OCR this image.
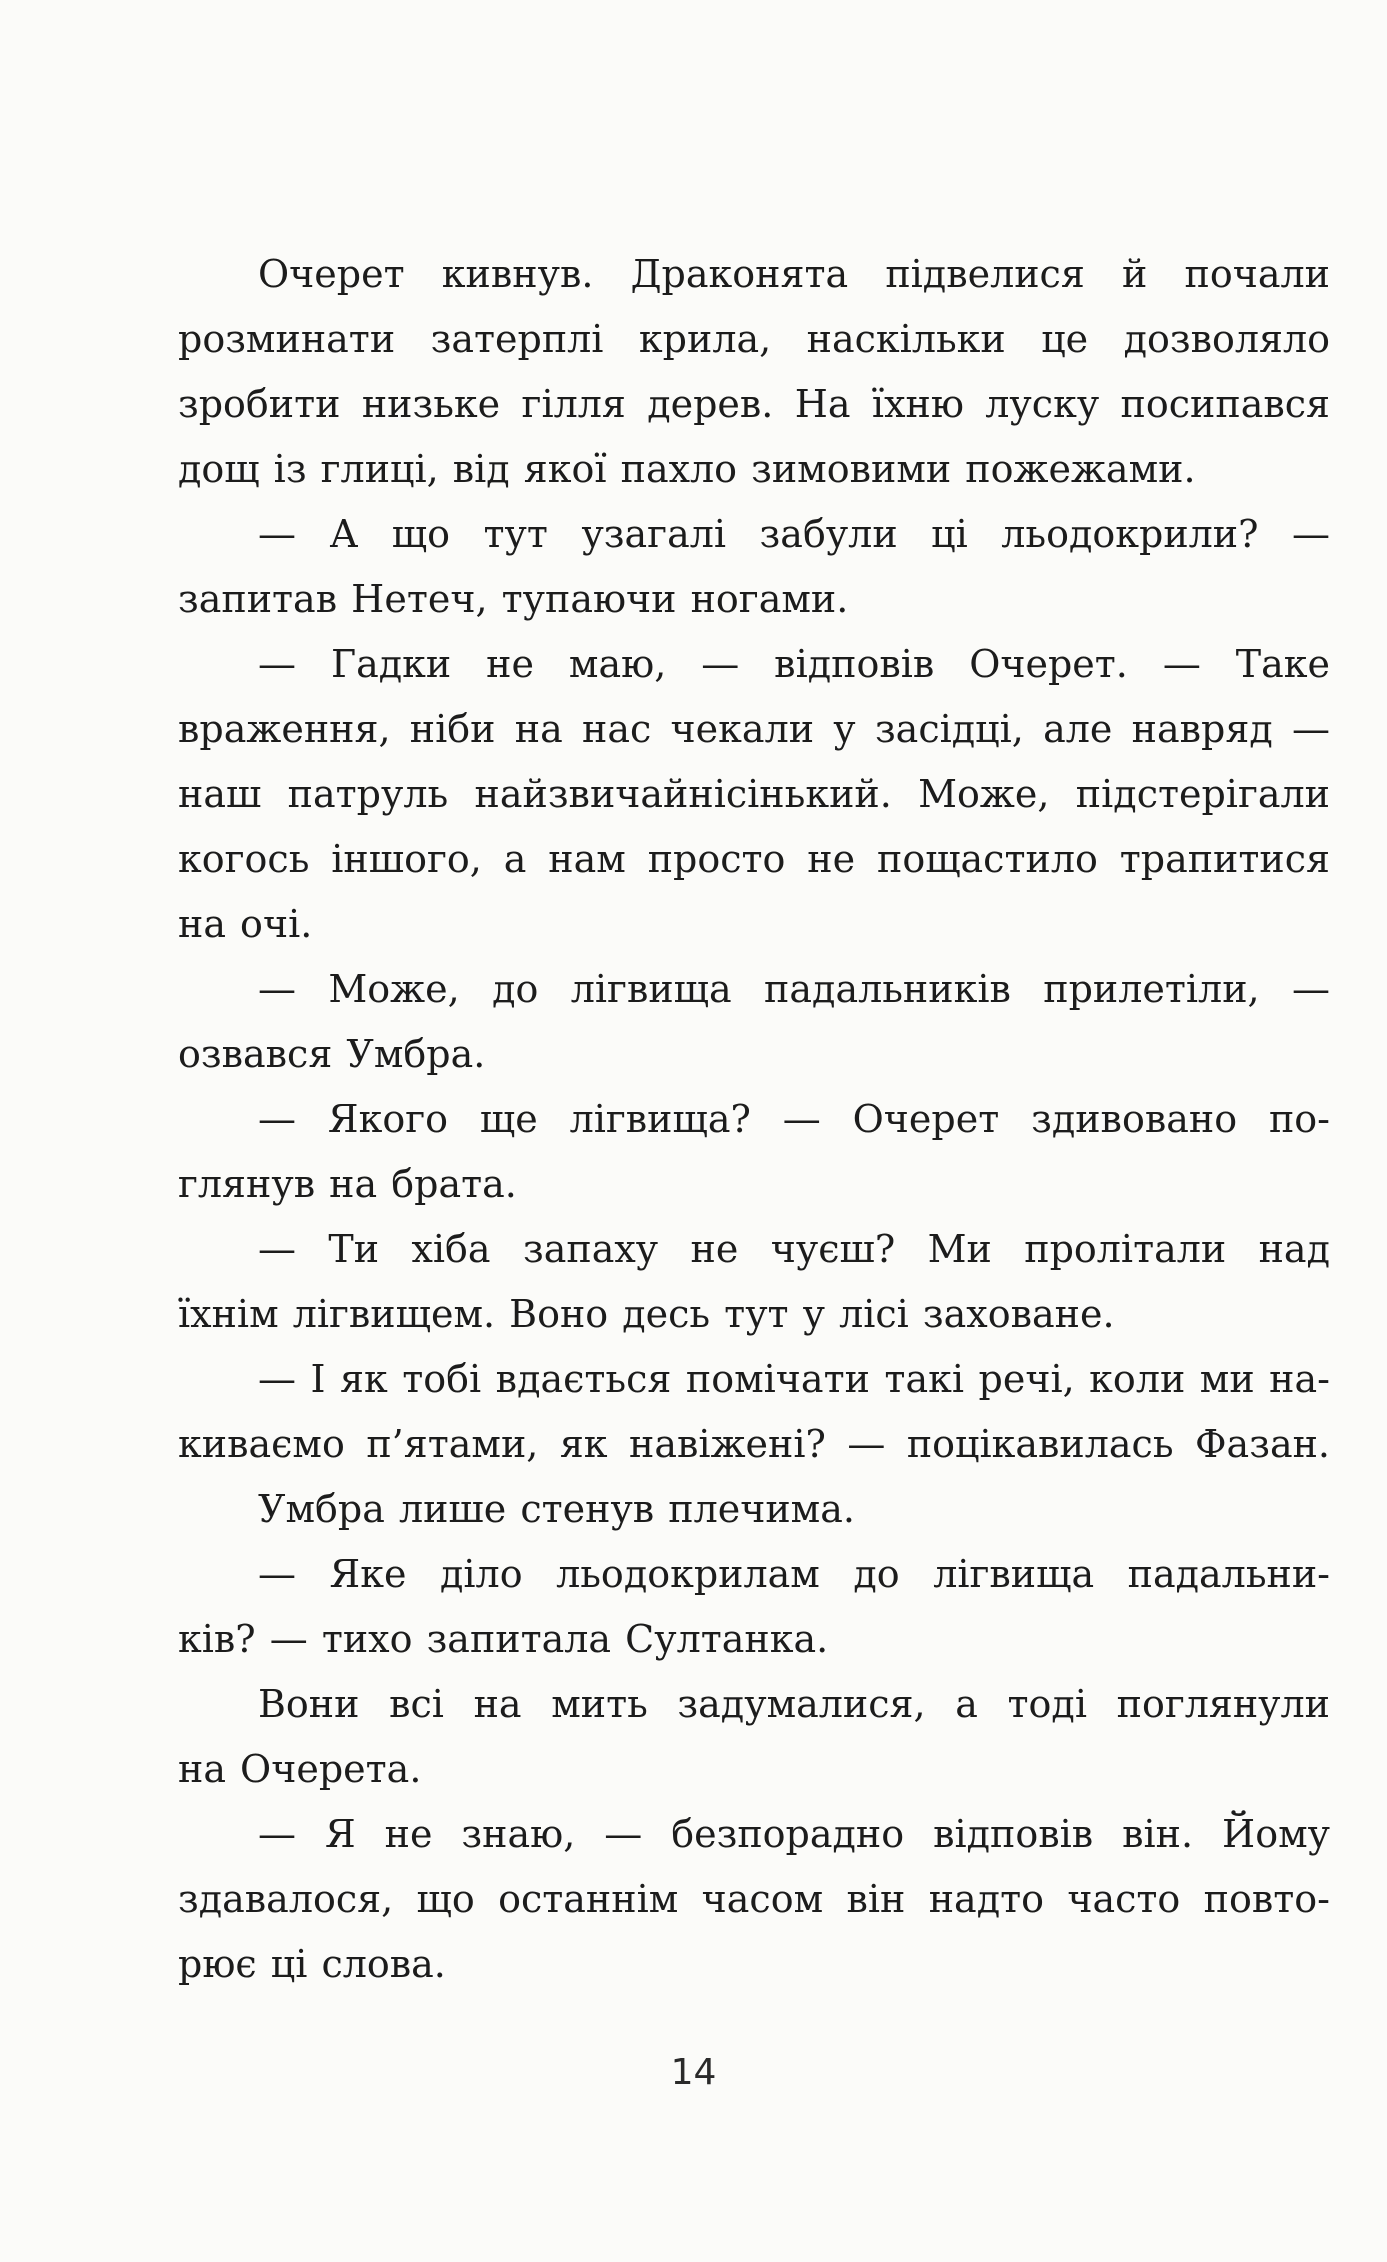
Очерет кивнув. Драконята підвелися й почали
розминати затерплі крила, наскільки це дозволяло
зробити низьке гілля дерев. На їхню луску посипався
дощ із глиці, від якої пахло зимовими пожежами.
— А що тут узагалі забули ці льодокрили? —
запитав Нетеч, тупаючи ногами.
— Гадки не маю, — відповів Очерет. — Таке
враження, ніби на нас чекали у засідці, але навряд —
наш патруль найзвичайнісінький. Може, підстерігали
когось іншого, а нам просто не пощастило трапитися
на очі.
— Може, до лігвища падальників прилетіли, —
озвався Умбра.
— Якого ще лігвища? — Очерет здивовано по-
глянув на брата.
— Ти хіба запаху не чуєш? Ми пролітали над
їхнім лігвищем. Воно десь тут у лісі заховане.
— І як тобі вдається помічати такі речі, коли ми на-
киваємо п’ятами, як навіжені? — поцікавилась Фазан.
Умбра лише стенув плечима.
— Яке діло льодокрилам до лігвища падальни-
ків? — тихо запитала Султанка.
Вони всі на мить задумалися, а тоді поглянули
на Очерета.
— Я не знаю, — безпорадно відповів він. Йому
здавалося, що останнім часом він надто часто повто-
рює ці слова.
14
